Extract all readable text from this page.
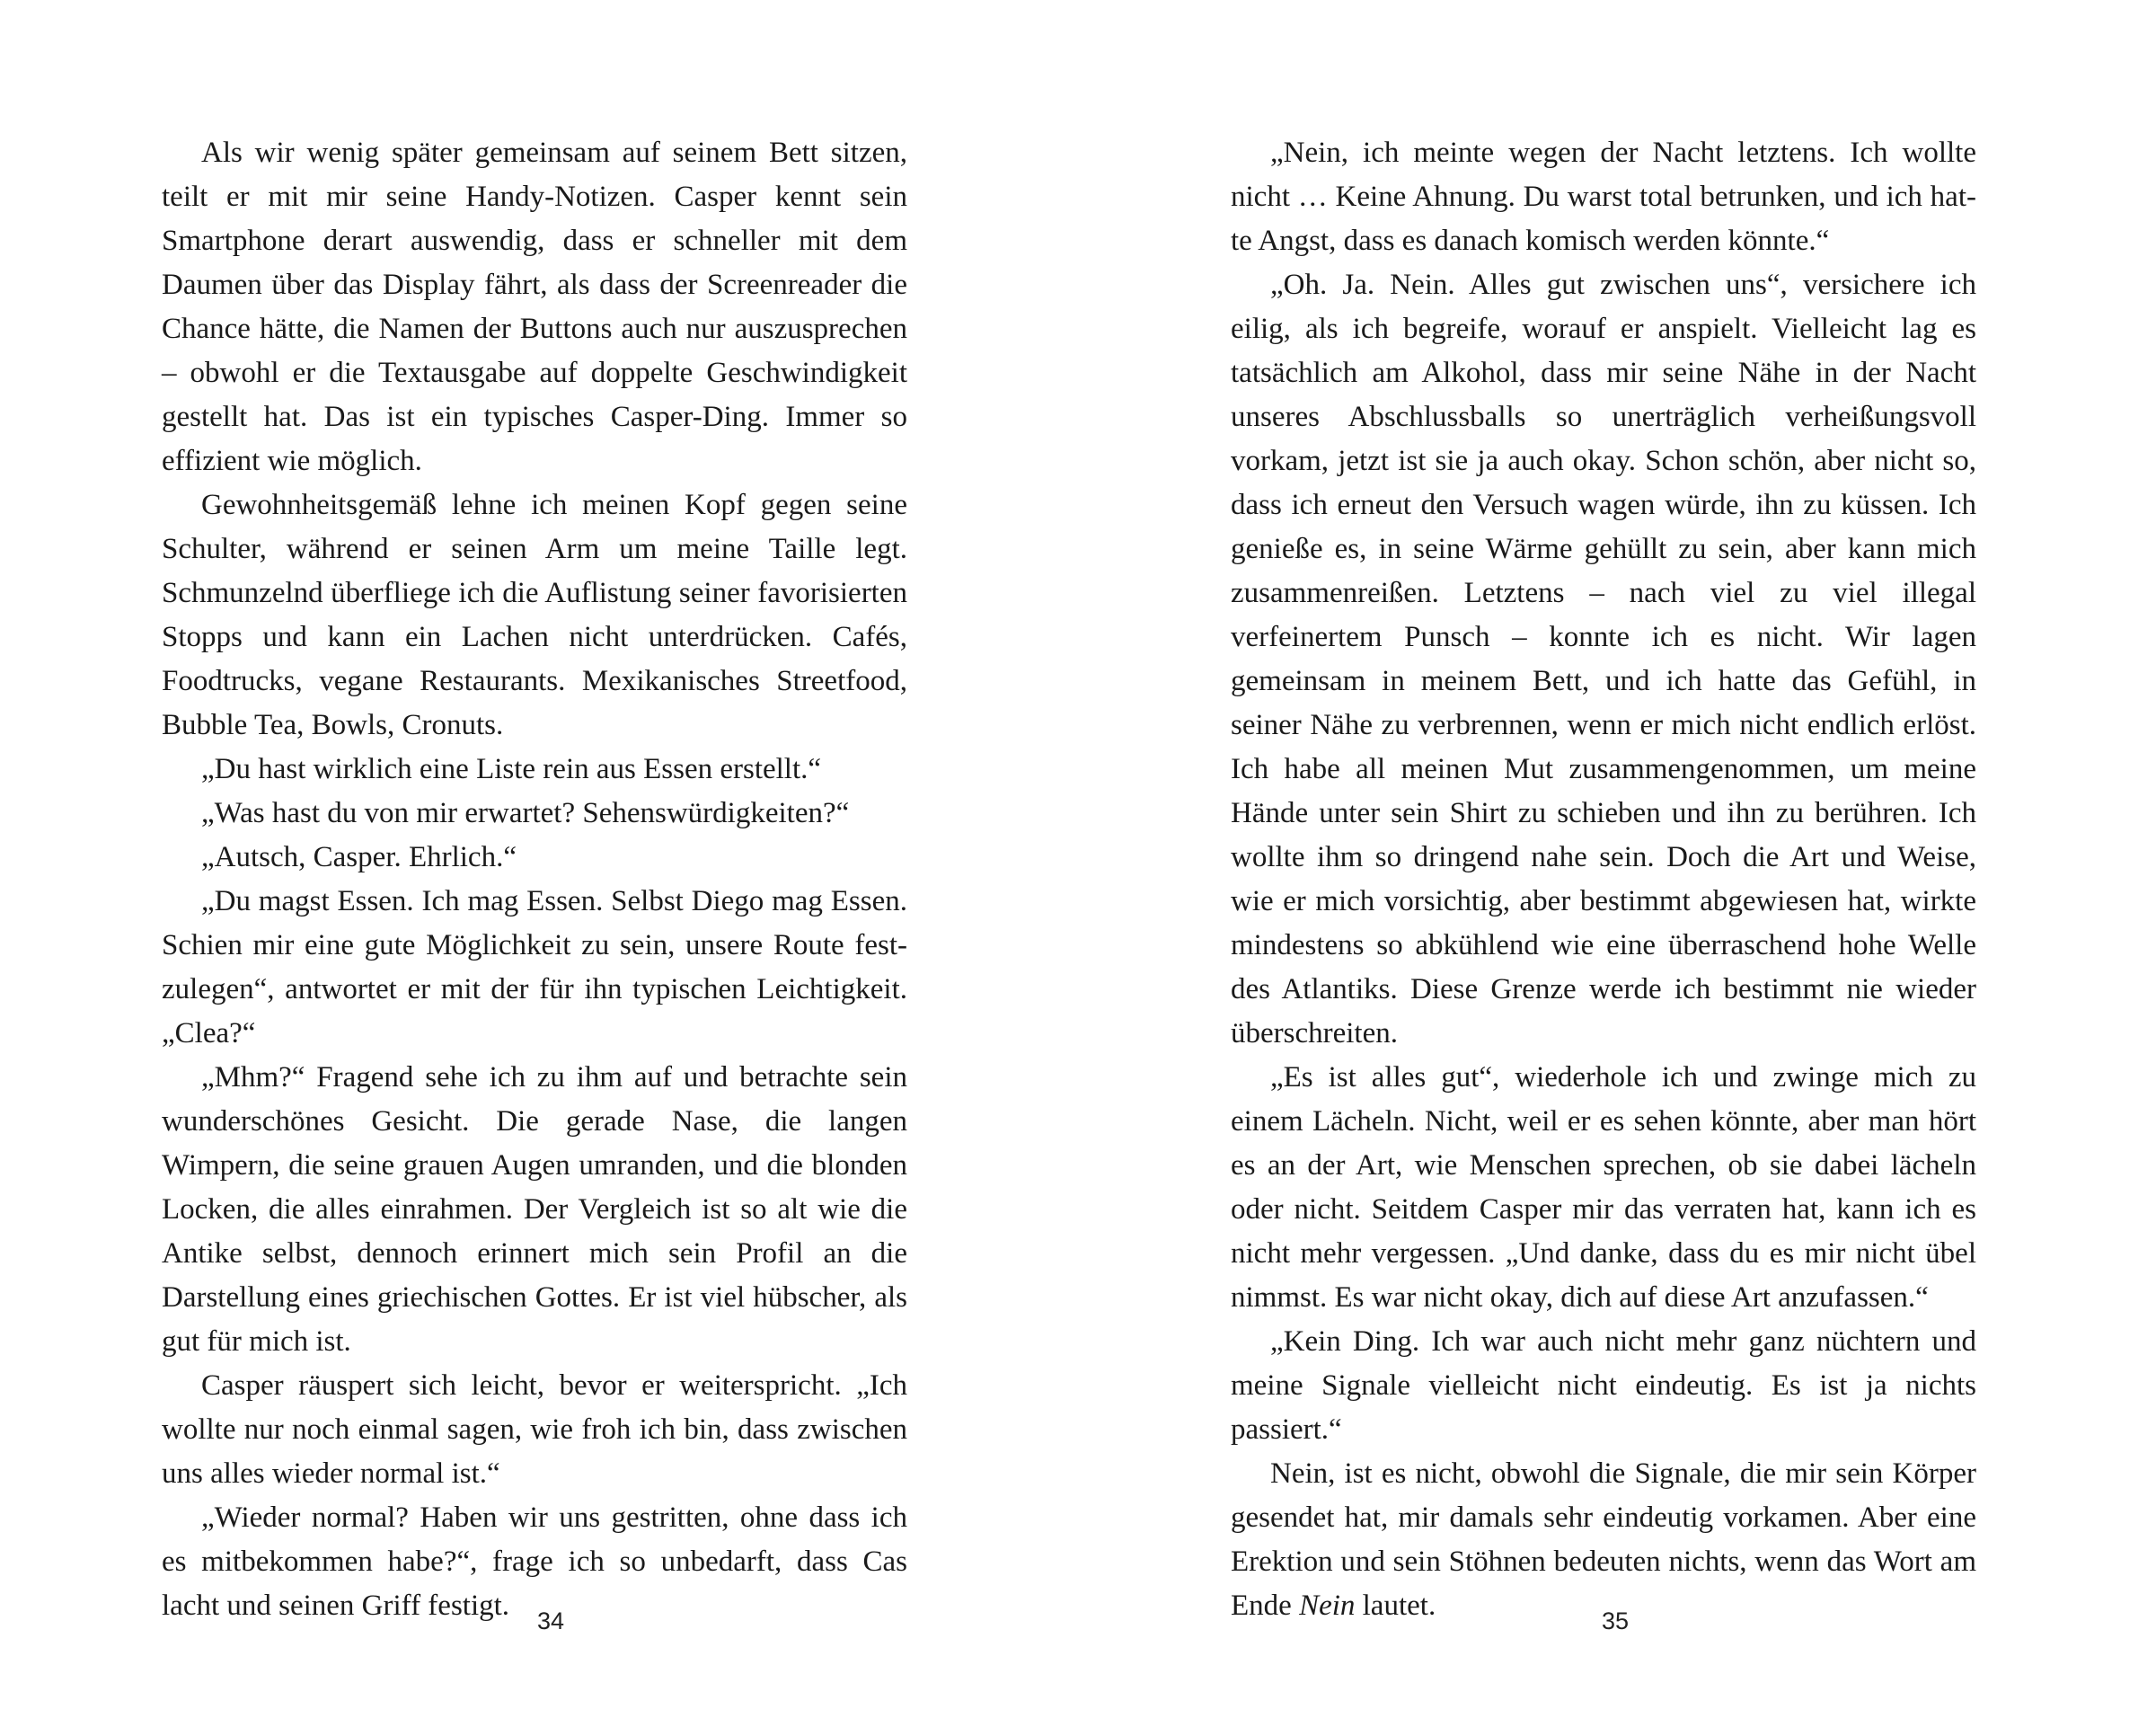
Als wir wenig später gemeinsam auf seinem Bett sitzen, teilt er mit mir seine Handy-Notizen. Casper kennt sein Smartphone derart auswendig, dass er schneller mit dem Daumen über das Display fährt, als dass der Screenreader die Chance hätte, die Namen der Buttons auch nur auszusprechen – obwohl er die Textausgabe auf doppelte Geschwindigkeit gestellt hat. Das ist ein typisches Casper-Ding. Immer so effizient wie möglich.

Gewohnheitsgemäß lehne ich meinen Kopf gegen seine Schulter, während er seinen Arm um meine Taille legt. Schmunzelnd überfliege ich die Auflistung seiner favorisierten Stopps und kann ein Lachen nicht unterdrücken. Cafés, Foodtrucks, vegane Restaurants. Mexikanisches Streetfood, Bubble Tea, Bowls, Cronuts.

„Du hast wirklich eine Liste rein aus Essen erstellt.“

„Was hast du von mir erwartet? Sehenswürdigkeiten?“

„Autsch, Casper. Ehrlich.“

„Du magst Essen. Ich mag Essen. Selbst Diego mag Essen. Schien mir eine gute Möglichkeit zu sein, unsere Route festzulegen“, antwortet er mit der für ihn typischen Leichtigkeit. „Clea?“

„Mhm?“ Fragend sehe ich zu ihm auf und betrachte sein wunderschönes Gesicht. Die gerade Nase, die langen Wimpern, die seine grauen Augen umranden, und die blonden Locken, die alles einrahmen. Der Vergleich ist so alt wie die Antike selbst, dennoch erinnert mich sein Profil an die Darstellung eines griechischen Gottes. Er ist viel hübscher, als gut für mich ist.

Casper räuspert sich leicht, bevor er weiterspricht. „Ich wollte nur noch einmal sagen, wie froh ich bin, dass zwischen uns alles wieder normal ist.“

„Wieder normal? Haben wir uns gestritten, ohne dass ich es mitbekommen habe?“, frage ich so unbedarft, dass Cas lacht und seinen Griff festigt.	34

„Nein, ich meinte wegen der Nacht letztens. Ich wollte nicht … Keine Ahnung. Du warst total betrunken, und ich hatte Angst, dass es danach komisch werden könnte.“

„Oh. Ja. Nein. Alles gut zwischen uns“, versichere ich eilig, als ich begreife, worauf er anspielt. Vielleicht lag es tatsächlich am Alkohol, dass mir seine Nähe in der Nacht unseres Abschlussballs so unerträglich verheißungsvoll vorkam, jetzt ist sie ja auch okay. Schon schön, aber nicht so, dass ich erneut den Versuch wagen würde, ihn zu küssen. Ich genieße es, in seine Wärme gehüllt zu sein, aber kann mich zusammenreißen. Letztens – nach viel zu viel illegal verfeinertem Punsch – konnte ich es nicht. Wir lagen gemeinsam in meinem Bett, und ich hatte das Gefühl, in seiner Nähe zu verbrennen, wenn er mich nicht endlich erlöst. Ich habe all meinen Mut zusammengenommen, um meine Hände unter sein Shirt zu schieben und ihn zu berühren. Ich wollte ihm so dringend nahe sein. Doch die Art und Weise, wie er mich vorsichtig, aber bestimmt abgewiesen hat, wirkte mindestens so abkühlend wie eine überraschend hohe Welle des Atlantiks. Diese Grenze werde ich bestimmt nie wieder überschreiten.

„Es ist alles gut“, wiederhole ich und zwinge mich zu einem Lächeln. Nicht, weil er es sehen könnte, aber man hört es an der Art, wie Menschen sprechen, ob sie dabei lächeln oder nicht. Seitdem Casper mir das verraten hat, kann ich es nicht mehr vergessen. „Und danke, dass du es mir nicht übel nimmst. Es war nicht okay, dich auf diese Art anzufassen.“

„Kein Ding. Ich war auch nicht mehr ganz nüchtern und meine Signale vielleicht nicht eindeutig. Es ist ja nichts passiert.“

Nein, ist es nicht, obwohl die Signale, die mir sein Körper gesendet hat, mir damals sehr eindeutig vorkamen. Aber eine Erektion und sein Stöhnen bedeuten nichts, wenn das Wort am Ende Nein lautet.	35
